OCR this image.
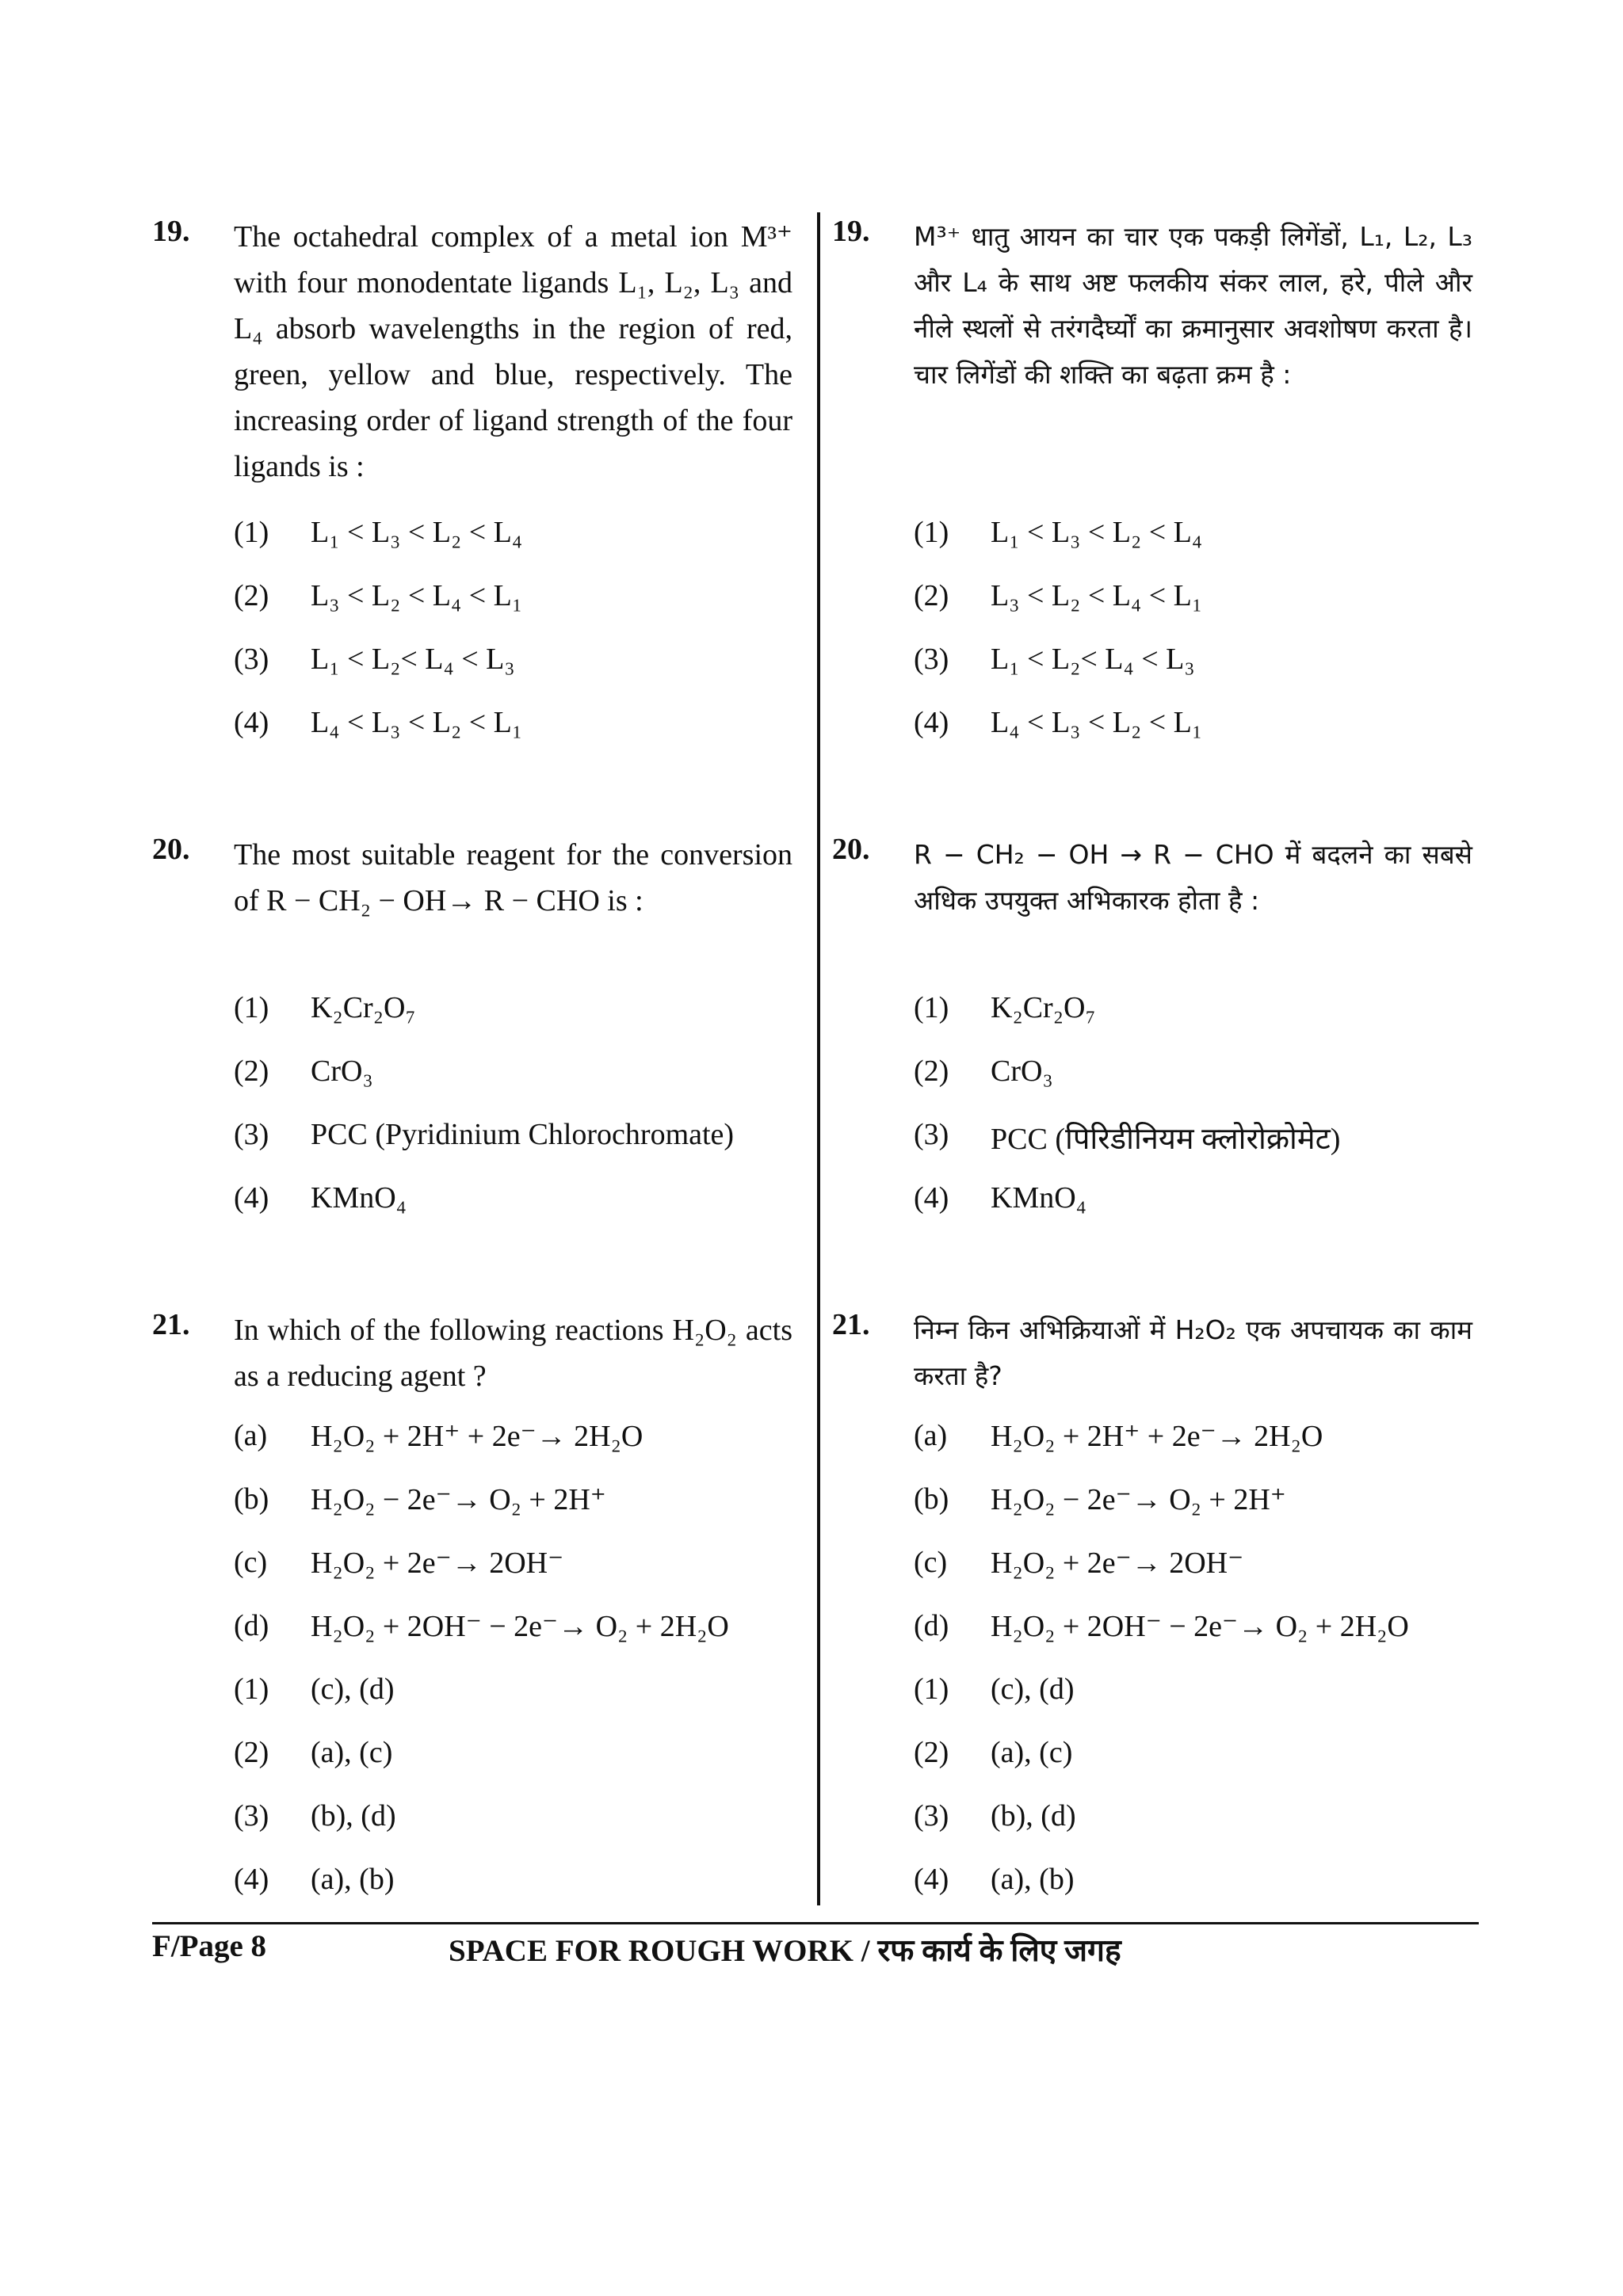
19. The octahedral complex of a metal ion M³⁺ with four monodentate ligands L₁, L₂, L₃ and L₄ absorb wavelengths in the region of red, green, yellow and blue, respectively. The increasing order of ligand strength of the four ligands is :
(1) L₁ < L₃ < L₂ < L₄
(2) L₃ < L₂ < L₄ < L₁
(3) L₁ < L₂< L₄ < L₃
(4) L₄ < L₃ < L₂ < L₁
20. The most suitable reagent for the conversion of R − CH₂ − OH→ R − CHO is :
(1) K₂Cr₂O₇
(2) CrO₃
(3) PCC (Pyridinium Chlorochromate)
(4) KMnO₄
21. In which of the following reactions H₂O₂ acts as a reducing agent ?
(a) H₂O₂ + 2H⁺ + 2e⁻→ 2H₂O
(b) H₂O₂ − 2e⁻→ O₂ + 2H⁺
(c) H₂O₂ + 2e⁻→ 2OH⁻
(d) H₂O₂ + 2OH⁻ − 2e⁻→ O₂ + 2H₂O
(1) (c), (d)
(2) (a), (c)
(3) (b), (d)
(4) (a), (b)
19. M³⁺ धातु आयन का चार एक पकड़ी लिगेंडों, L₁, L₂, L₃ और L₄ के साथ अष्ट फलकीय संकर लाल, हरे, पीले और नीले स्थलों से तरंगदैर्घ्यों का क्रमानुसार अवशोषण करता है। चार लिगेंडों की शक्ति का बढ़ता क्रम है :
(1) L₁ < L₃ < L₂ < L₄
(2) L₃ < L₂ < L₄ < L₁
(3) L₁ < L₂< L₄ < L₃
(4) L₄ < L₃ < L₂ < L₁
20. R − CH₂ − OH → R − CHO में बदलने का सबसे अधिक उपयुक्त अभिकारक होता है :
(1) K₂Cr₂O₇
(2) CrO₃
(3) PCC (पिरिडीनियम क्लोरोक्रोमेट)
(4) KMnO₄
21. निम्न किन अभिक्रियाओं में H₂O₂ एक अपचायक का काम करता है?
(a) H₂O₂ + 2H⁺ + 2e⁻→ 2H₂O
(b) H₂O₂ − 2e⁻→ O₂ + 2H⁺
(c) H₂O₂ + 2e⁻→ 2OH⁻
(d) H₂O₂ + 2OH⁻ − 2e⁻→ O₂ + 2H₂O
(1) (c), (d)
(2) (a), (c)
(3) (b), (d)
(4) (a), (b)
F/Page 8	SPACE FOR ROUGH WORK / रफ कार्य के लिए जगह
